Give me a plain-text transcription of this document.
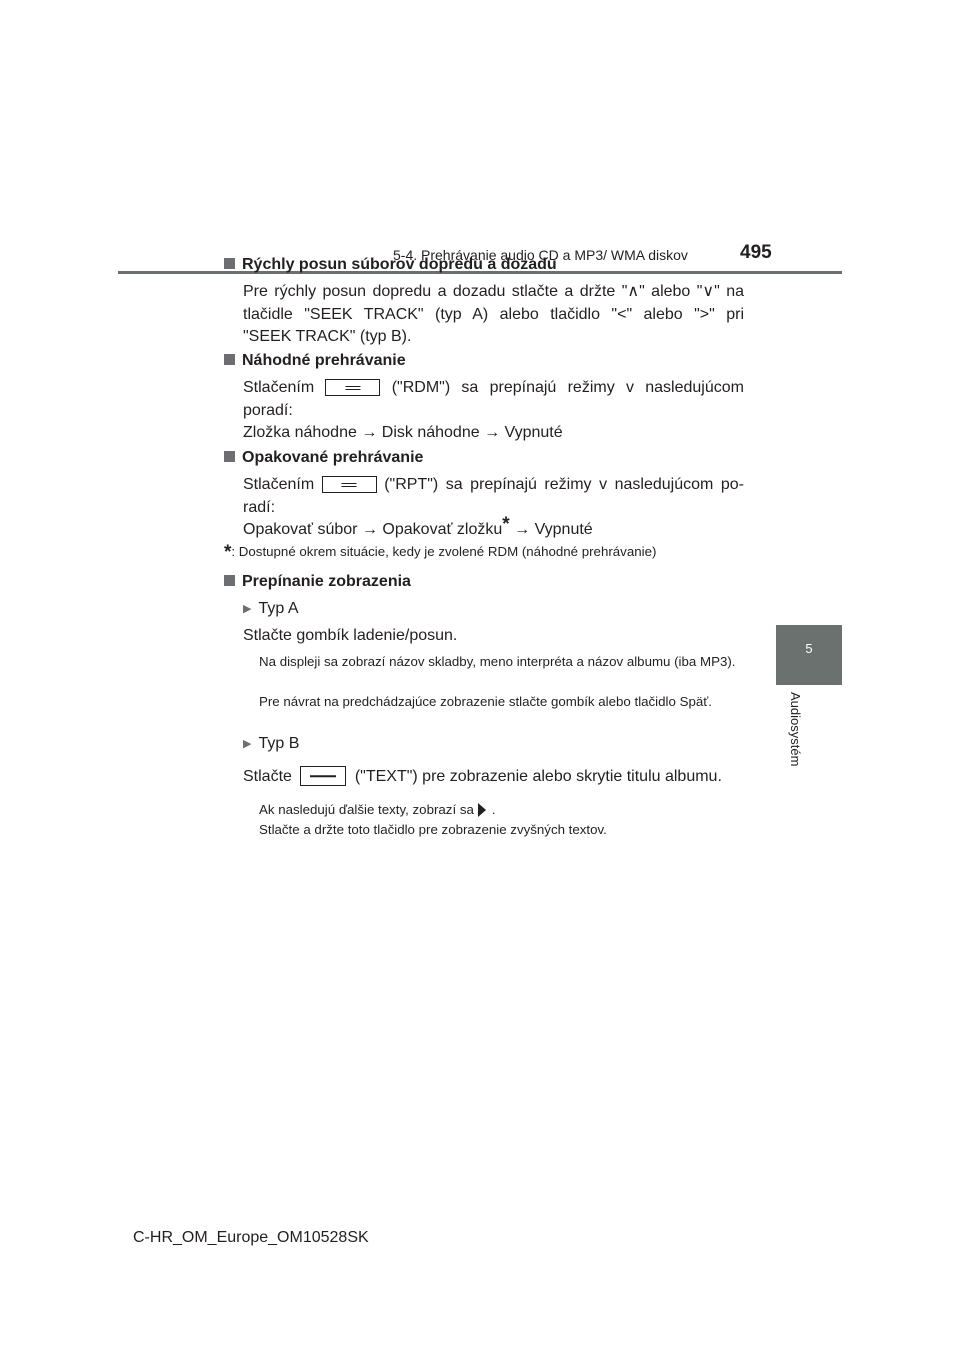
5-4. Prehrávanie audio CD a MP3/ WMA diskov	495
5
Audiosystém
Rýchly posun súborov dopredu a dozadu
Pre rýchly posun dopredu a dozadu stlačte a držte "∧" alebo "∨" na
tlačidle "SEEK TRACK" (typ A) alebo tlačidlo "<" alebo ">" pri
"SEEK TRACK" (typ B).
Náhodné prehrávanie
Stlačením	("RDM") sa prepínajú režimy v nasledujúcom
poradí:
Zložka náhodne → Disk náhodne → Vypnuté
Opakované prehrávanie
Stlačením	("RPT") sa prepínajú režimy v nasledujúcom po-
radí:
Opakovať súbor → Opakovať zložku* → Vypnuté
*: Dostupné okrem situácie, kedy je zvolené RDM (náhodné prehrávanie)
Prepínanie zobrazenia
▶ Typ A
Stlačte gombík ladenie/posun.
Na displeji sa zobrazí názov skladby, meno interpréta a názov albumu (iba MP3).
Pre návrat na predchádzajúce zobrazenie stlačte gombík alebo tlačidlo Späť.
▶ Typ B
Stlačte	("TEXT") pre zobrazenie alebo skrytie titulu albumu.
Ak nasledujú ďalšie texty, zobrazí sa .
Stlačte a držte toto tlačidlo pre zobrazenie zvyšných textov.
C-HR_OM_Europe_OM10528SK
